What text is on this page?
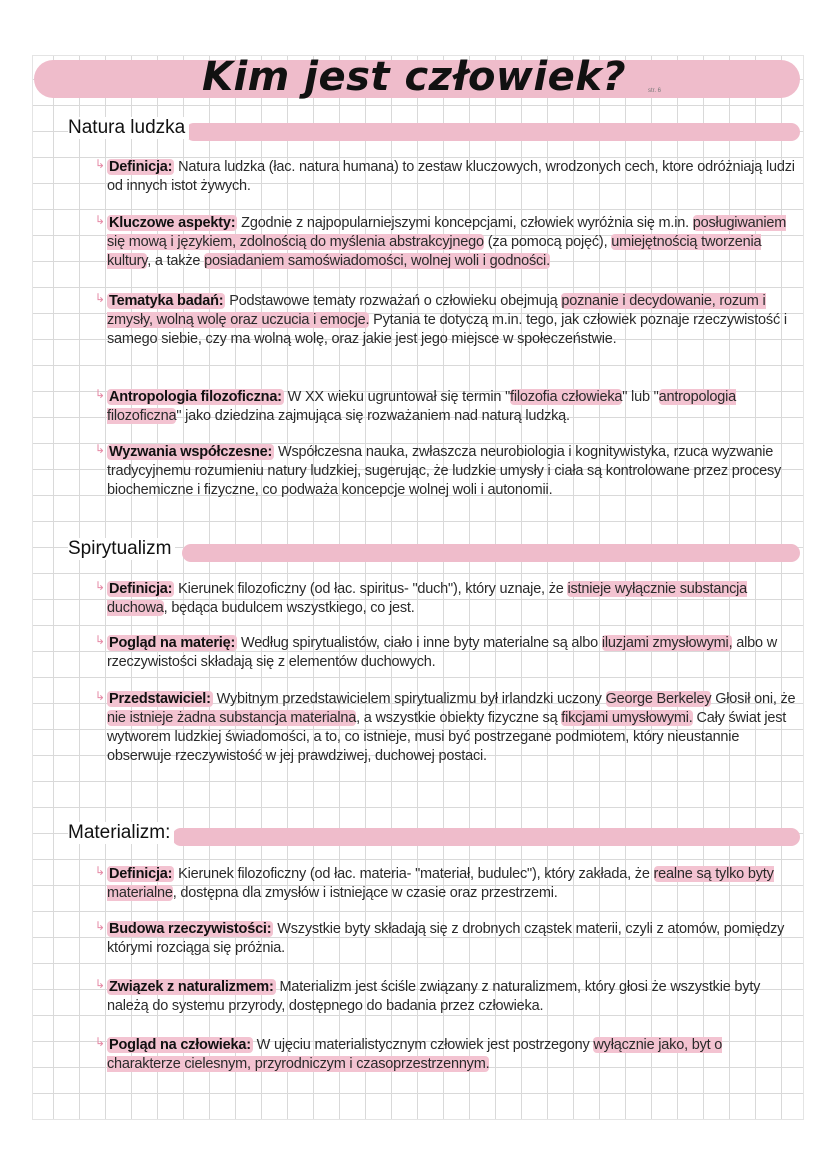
Kim jest człowiek?	str. 6
Natura ludzka
↳ Definicja: Natura ludzka (łac. natura humana) to zestaw kluczowych, wrodzonych cech, ktore odróżniają ludzi od innych istot żywych.
↳ Kluczowe aspekty: Zgodnie z najpopularniejszymi koncepcjami, człowiek wyróżnia się m.in. posługiwaniem się mową i językiem, zdolnością do myślenia abstrakcyjnego (za pomocą pojęć), umiejętnością tworzenia kultury, a także posiadaniem samoświadomości, wolnej woli i godności.
↳ Tematyka badań: Podstawowe tematy rozważań o człowieku obejmują poznanie i decydowanie, rozum i zmysły, wolną wolę oraz uczucia i emocje. Pytania te dotyczą m.in. tego, jak człowiek poznaje rzeczywistość i samego siebie, czy ma wolną wolę, oraz jakie jest jego miejsce w społeczeństwie.
↳ Antropologia filozoficzna: W XX wieku ugruntował się termin "filozofia człowieka" lub "antropologia filozoficzna" jako dziedzina zajmująca się rozważaniem nad naturą ludzką.
↳ Wyzwania współczesne: Współczesna nauka, zwłaszcza neurobiologia i kognitywistyka, rzuca wyzwanie tradycyjnemu rozumieniu natury ludzkiej, sugerując, że ludzkie umysły i ciała są kontrolowane przez procesy biochemiczne i fizyczne, co podważa koncepcje wolnej woli i autonomii.
Spirytualizm
↳ Definicja: Kierunek filozoficzny (od łac. spiritus- "duch"), który uznaje, że istnieje wyłącznie substancja duchowa, będąca budulcem wszystkiego, co jest.
↳ Pogląd na materię: Według spirytualistów, ciało i inne byty materialne są albo iluzjami zmysłowymi, albo w rzeczywistości składają się z elementów duchowych.
↳ Przedstawiciel: Wybitnym przedstawicielem spirytualizmu był irlandzki uczony George Berkeley Głosił oni, że nie istnieje żadna substancja materialna, a wszystkie obiekty fizyczne są fikcjami umysłowymi. Cały świat jest wytworem ludzkiej świadomości, a to, co istnieje, musi być postrzegane podmiotem, który nieustannie obserwuje rzeczywistość w jej prawdziwej, duchowej postaci.
Materializm:
↳ Definicja: Kierunek filozoficzny (od łac. materia- "materiał, budulec"), który zakłada, że realne są tylko byty materialne, dostępna dla zmysłów i istniejące w czasie oraz przestrzemi.
↳ Budowa rzeczywistości: Wszystkie byty składają się z drobnych cząstek materii, czyli z atomów, pomiędzy którymi rozciąga się próżnia.
↳ Związek z naturalizmem: Materializm jest ściśle związany z naturalizmem, który głosi że wszystkie byty należą do systemu przyrody, dostępnego do badania przez człowieka.
↳ Pogląd na człowieka: W ujęciu materialistycznym człowiek jest postrzegony wyłącznie jako, byt o charakterze cielesnym, przyrodniczym i czasoprzestrzennym.
